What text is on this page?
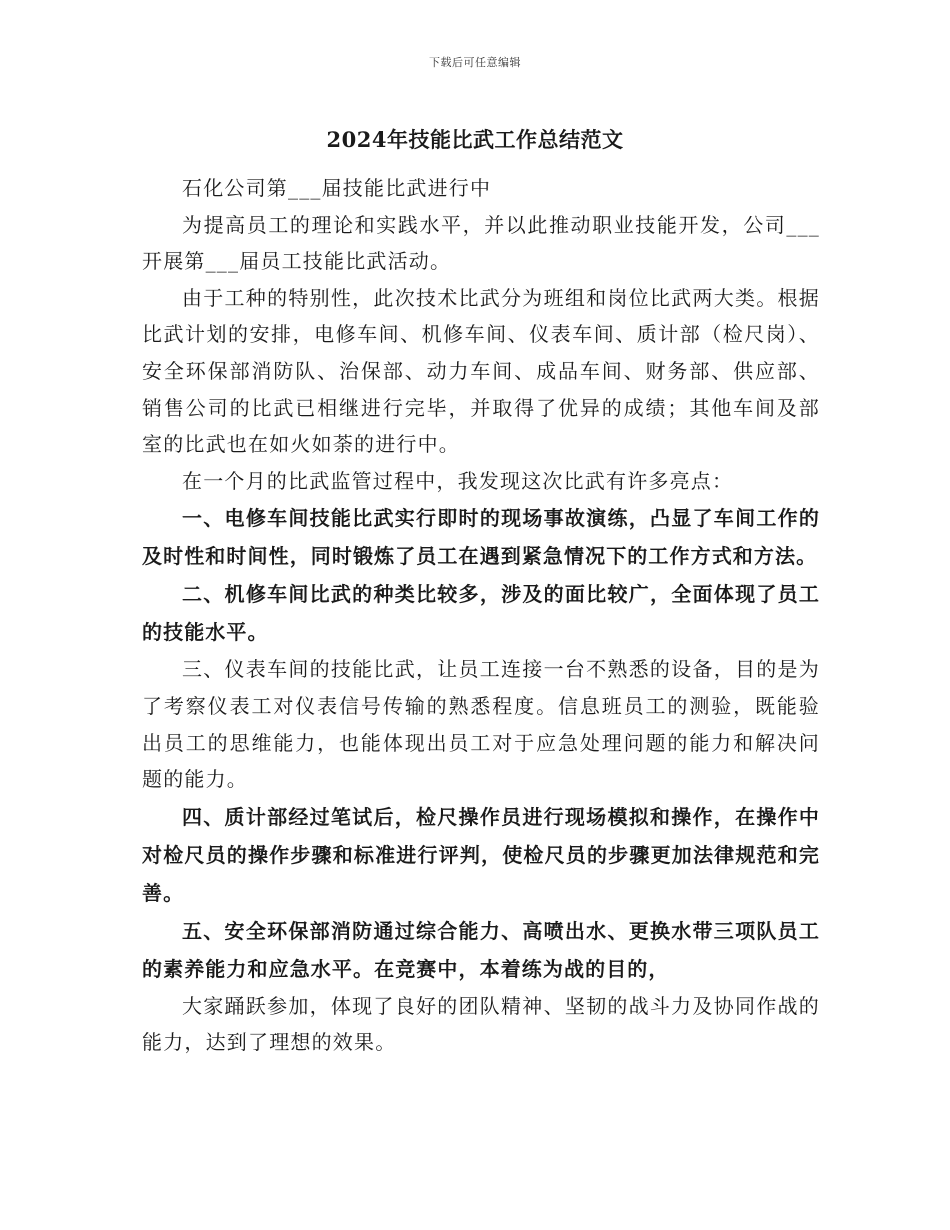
下载后可任意编辑
2024年技能比武工作总结范文

石化公司第___届技能比武进行中

为提高员工的理论和实践水平，并以此推动职业技能开发，公司___开展第___届员工技能比武活动。

由于工种的特别性，此次技术比武分为班组和岗位比武两大类。根据比武计划的安排，电修车间、机修车间、仪表车间、质计部（检尺岗）、安全环保部消防队、治保部、动力车间、成品车间、财务部、供应部、销售公司的比武已相继进行完毕，并取得了优异的成绩；其他车间及部室的比武也在如火如荼的进行中。

在一个月的比武监管过程中，我发现这次比武有许多亮点：

一、电修车间技能比武实行即时的现场事故演练，凸显了车间工作的及时性和时间性，同时锻炼了员工在遇到紧急情况下的工作方式和方法。

二、机修车间比武的种类比较多，涉及的面比较广，全面体现了员工的技能水平。

三、仪表车间的技能比武，让员工连接一台不熟悉的设备，目的是为了考察仪表工对仪表信号传输的熟悉程度。信息班员工的测验，既能验出员工的思维能力，也能体现出员工对于应急处理问题的能力和解决问题的能力。

四、质计部经过笔试后，检尺操作员进行现场模拟和操作，在操作中对检尺员的操作步骤和标准进行评判，使检尺员的步骤更加法律规范和完善。

五、安全环保部消防通过综合能力、高喷出水、更换水带三项队员工的素养能力和应急水平。在竞赛中，本着练为战的目的，

大家踊跃参加，体现了良好的团队精神、坚韧的战斗力及协同作战的能力，达到了理想的效果。
